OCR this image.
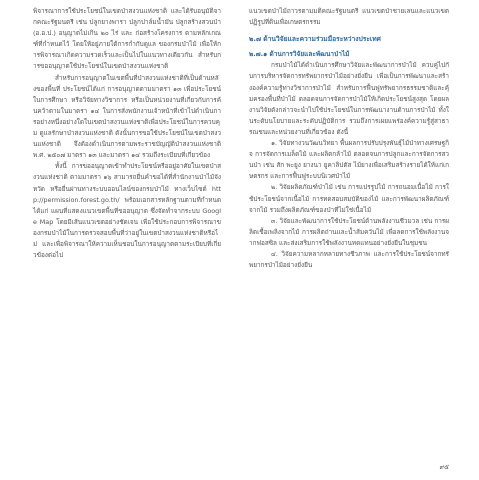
พิจารณาการใช้ประโยชน์ในเขตป่าสงวนแห่งชาติ และได้รับอนุมัติจากคณะรัฐมนตรี เช่น ปลูกยางพารา ปลูกปาล์มน้ำมัน ปลูกสร้างสวนป่า (อ.อ.ป.) อนุญาตไม่เกิน ๒๐ ไร่ และ ก่อสร้างโครงการ ตามหลักเกณฑ์ที่กำหนดไว้ โดยให้อยู่ภายใต้การกำกับดูแล ของกรมป่าไม้ เพื่อให้การพิจารณาเกิดความรวดเร็วและเป็นไปในแนวทางเดียวกัน สำหรับการขออนุญาตใช้ประโยชน์ในเขตป่าสงวนแห่งชาติ

สำหรับการอนุญาตในเขตพื้นที่ป่าสงวนแห่งชาติที่เป็นด้านหลังของพื้นที่ ประโยชน์ได้แก่ การอนุญาตตามมาตรา ๑๓ เพื่อประโยชน์ในการศึกษา หรือวิจัยทางวิชาการ หรือเป็นหน่วยงานที่เกี่ยวกับการค้นคว้าตามในมาตรา ๑๔ ในการสั่งพนักงานเจ้าหน้าที่เข้าไปดำเนินการอย่างหนึ่งอย่างใดในเขตป่าสงวนแห่งชาติเพื่อประโยชน์ในการควบคุม ดูแลรักษาป่าสงวนแห่งชาติ ดังนั้นการขอใช้ประโยชน์ในเขตป่าสงวนแห่งชาติ จึงต้องดำเนินการตามพระราชบัญญัติป่าสงวนแห่งชาติ พ.ศ. ๒๕๐๗ มาตรา ๑๓ และมาตรา ๑๔ รวมถึงระเบียบที่เกี่ยวข้อง

ทั้งนี้ การขออนุญาตเข้าทำประโยชน์หรืออยู่อาศัยในเขตป่าสงวนแห่งชาติ ตามมาตรา ๑๖ สามารถยื่นคำขอได้ที่สำนักงานป่าไม้จังหวัด หรือยื่นผ่านทางระบบออนไลน์ของกรมป่าไม้ ทางเว็บไซต์ http://permission.forest.go.th/ พร้อมเอกสารหลักฐานตามที่กำหนด ได้แก่ แผนที่แสดงแนวเขตพื้นที่ขออนุญาต ซึ่งจัดทำจากระบบ Google Map โดยมีเส้นแนวเขตอย่างชัดเจน เพื่อใช้ประกอบการพิจารณาของกรมป่าไม้ในการตรวจสอบพื้นที่ว่าอยู่ในเขตป่าสงวนแห่งชาติหรือไม่ และเพื่อพิจารณาให้ความเห็นชอบในการอนุญาตตามระเบียบที่เกี่ยวข้องต่อไป

แนวเขตป่าไม้ถาวรตามมติคณะรัฐมนตรี แนวเขตป่าชายเลนและแนวเขตปฏิรูปที่ดินเพื่อเกษตรกรรม

๒.๗ ด้านวิจัยและความร่วมมือระหว่างประเทศ

๒.๗.๑ ด้านการวิจัยและพัฒนาป่าไม้

กรมป่าไม้ได้ดำเนินการศึกษาวิจัยและพัฒนาการป่าไม้ ควบคู่ไปกับการบริหารจัดการทรัพยากรป่าไม้อย่างยั่งยืน เพื่อเป็นการพัฒนาและสร้างองค์ความรู้ทางวิชาการป่าไม้ สำหรับการฟื้นฟูทรัพยากรธรรมชาติและคุ้มครองพื้นที่ป่าไม้ ตลอดจนการจัดการป่าไม้ให้เกิดประโยชน์สูงสุด โดยผลงานวิจัยดังกล่าวจะนำไปใช้ประโยชน์ในการพัฒนางานด้านการป่าไม้ ทั้งในระดับนโยบายและระดับปฏิบัติการ รวมถึงการเผยแพร่องค์ความรู้สู่สาธารณชนและหน่วยงานที่เกี่ยวข้อง ดังนี้

๑. วิจัยทางวนวัฒนวิทยา พื้นผลการปรับปรุงพันธุ์ไม้ป่าทางเศรษฐกิจ การจัดการเมล็ดไม้ และผลิตกล้าไม้ ตลอดจนการปลูกและการจัดการสวนป่า เช่น สัก พะยูง ยางนา ยูคาลิปตัส ไม้ยางเพื่อเสริมสร้างรายได้ให้แก่เกษตรกร และการฟื้นฟูระบบนิเวศป่าไม้

๒. วิจัยผลิตภัณฑ์ป่าไม้ เช่น การแปรรูปไม้ การถนอมเนื้อไม้ การใช้ประโยชน์จากเนื้อไม้ การทดสอบสมบัติของไม้ และการพัฒนาผลิตภัณฑ์จากไม้ รวมถึงผลิตภัณฑ์ของป่าที่ไม่ใช่เนื้อไม้

๓. วิจัยและพัฒนาการใช้ประโยชน์ด้านพลังงานชีวมวล เช่น การผลิตเชื้อเพลิงจากไม้ การผลิตถ่านและน้ำส้มควันไม้ เพื่อลดการใช้พลังงานจากฟอสซิล และส่งเสริมการใช้พลังงานทดแทนอย่างยั่งยืนในชุมชน

๔. วิจัยความหลากหลายทางชีวภาพ และการใช้ประโยชน์จากทรัพยากรป่าไม้อย่างยั่งยืน

๙๕
